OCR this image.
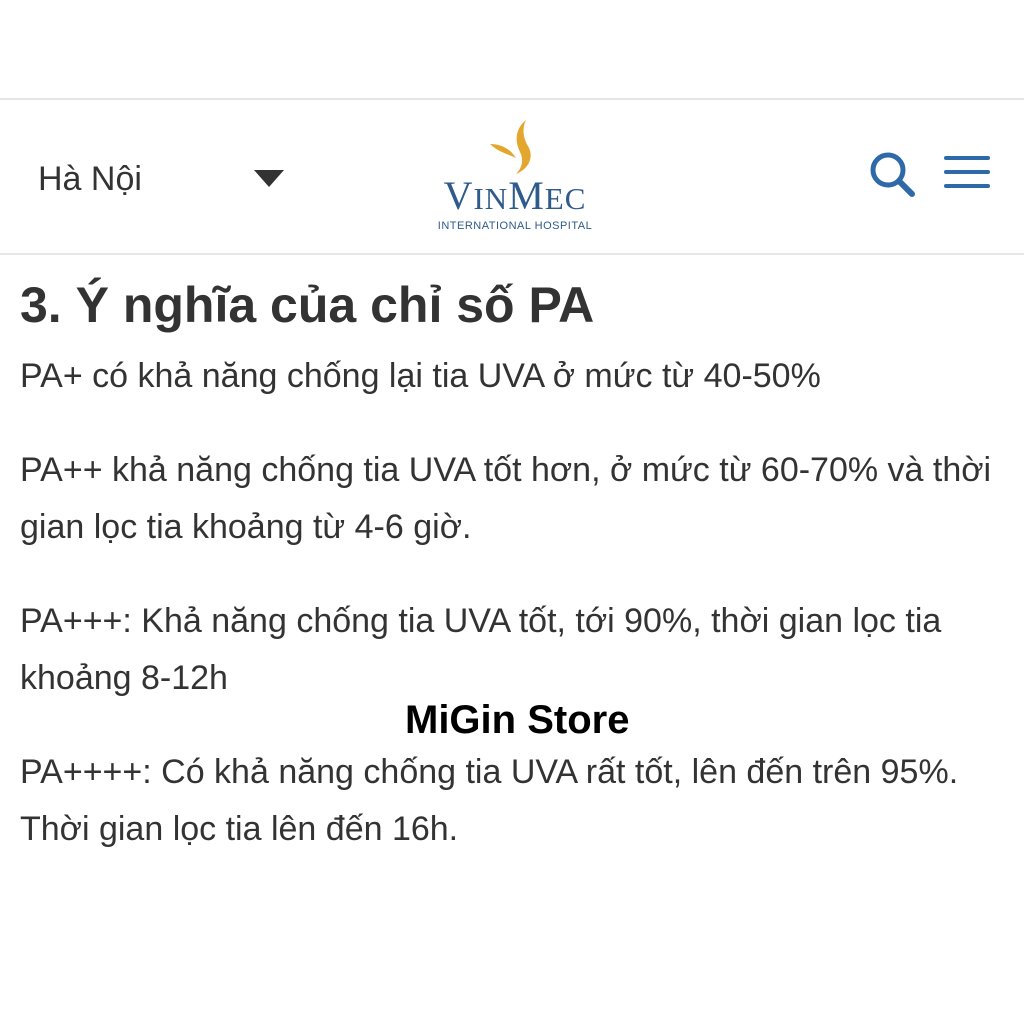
Hà Nội	VINMEC
INTERNATIONAL HOSPITAL
3. Ý nghĩa của chỉ số PA

PA+ có khả năng chống lại tia UVA ở mức từ 40-50%

PA++ khả năng chống tia UVA tốt hơn, ở mức từ 60-70% và thời gian lọc tia khoảng từ 4-6 giờ.

PA+++: Khả năng chống tia UVA tốt, tới 90%, thời gian lọc tia khoảng 8-12h

PA++++: Có khả năng chống tia UVA rất tốt, lên đến trên 95%. Thời gian lọc tia lên đến 16h.

MiGin Store
